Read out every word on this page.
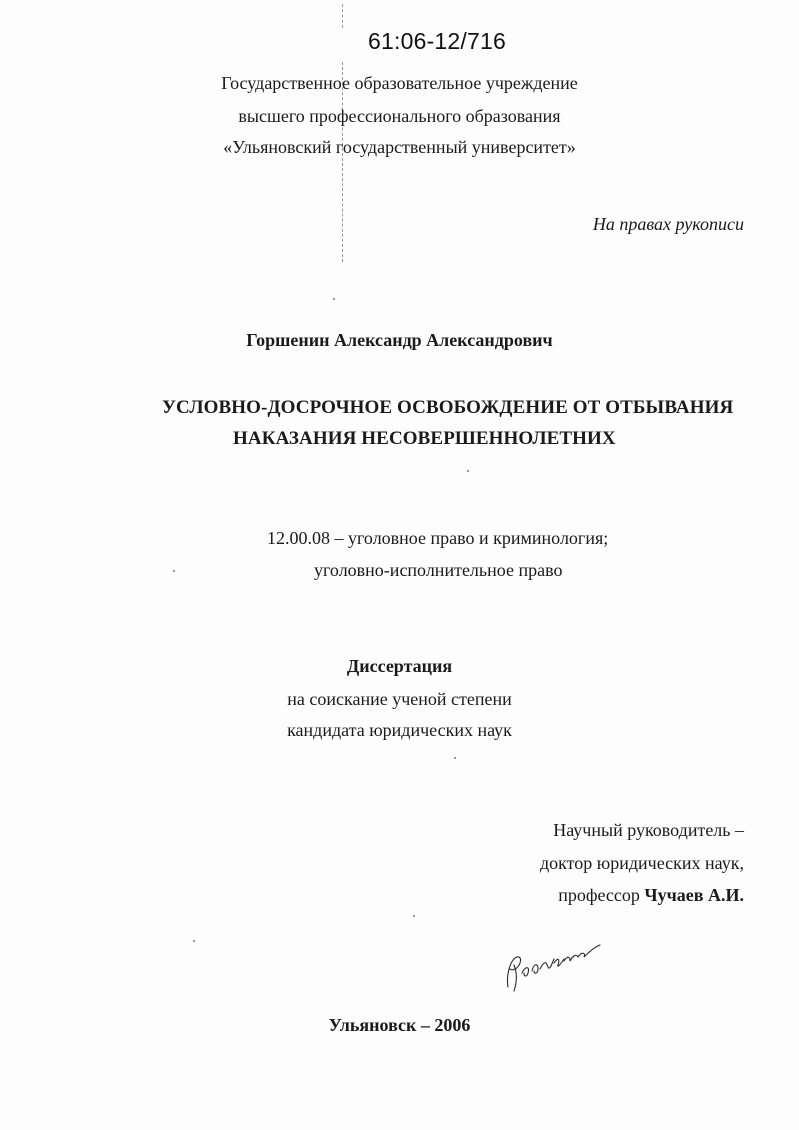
61:06-12/716
Государственное образовательное учреждение
высшего профессионального образования
«Ульяновский государственный университет»
На правах рукописи
Горшенин Александр Александрович
УСЛОВНО-ДОСРОЧНОЕ ОСВОБОЖДЕНИЕ ОТ ОТБЫВАНИЯ
НАКАЗАНИЯ НЕСОВЕРШЕННОЛЕТНИХ
12.00.08 – уголовное право и криминология;
уголовно-исполнительное право
Диссертация
на соискание ученой степени
кандидата юридических наук
Научный руководитель –
доктор юридических наук,
профессор Чучаев А.И.
Ульяновск – 2006
